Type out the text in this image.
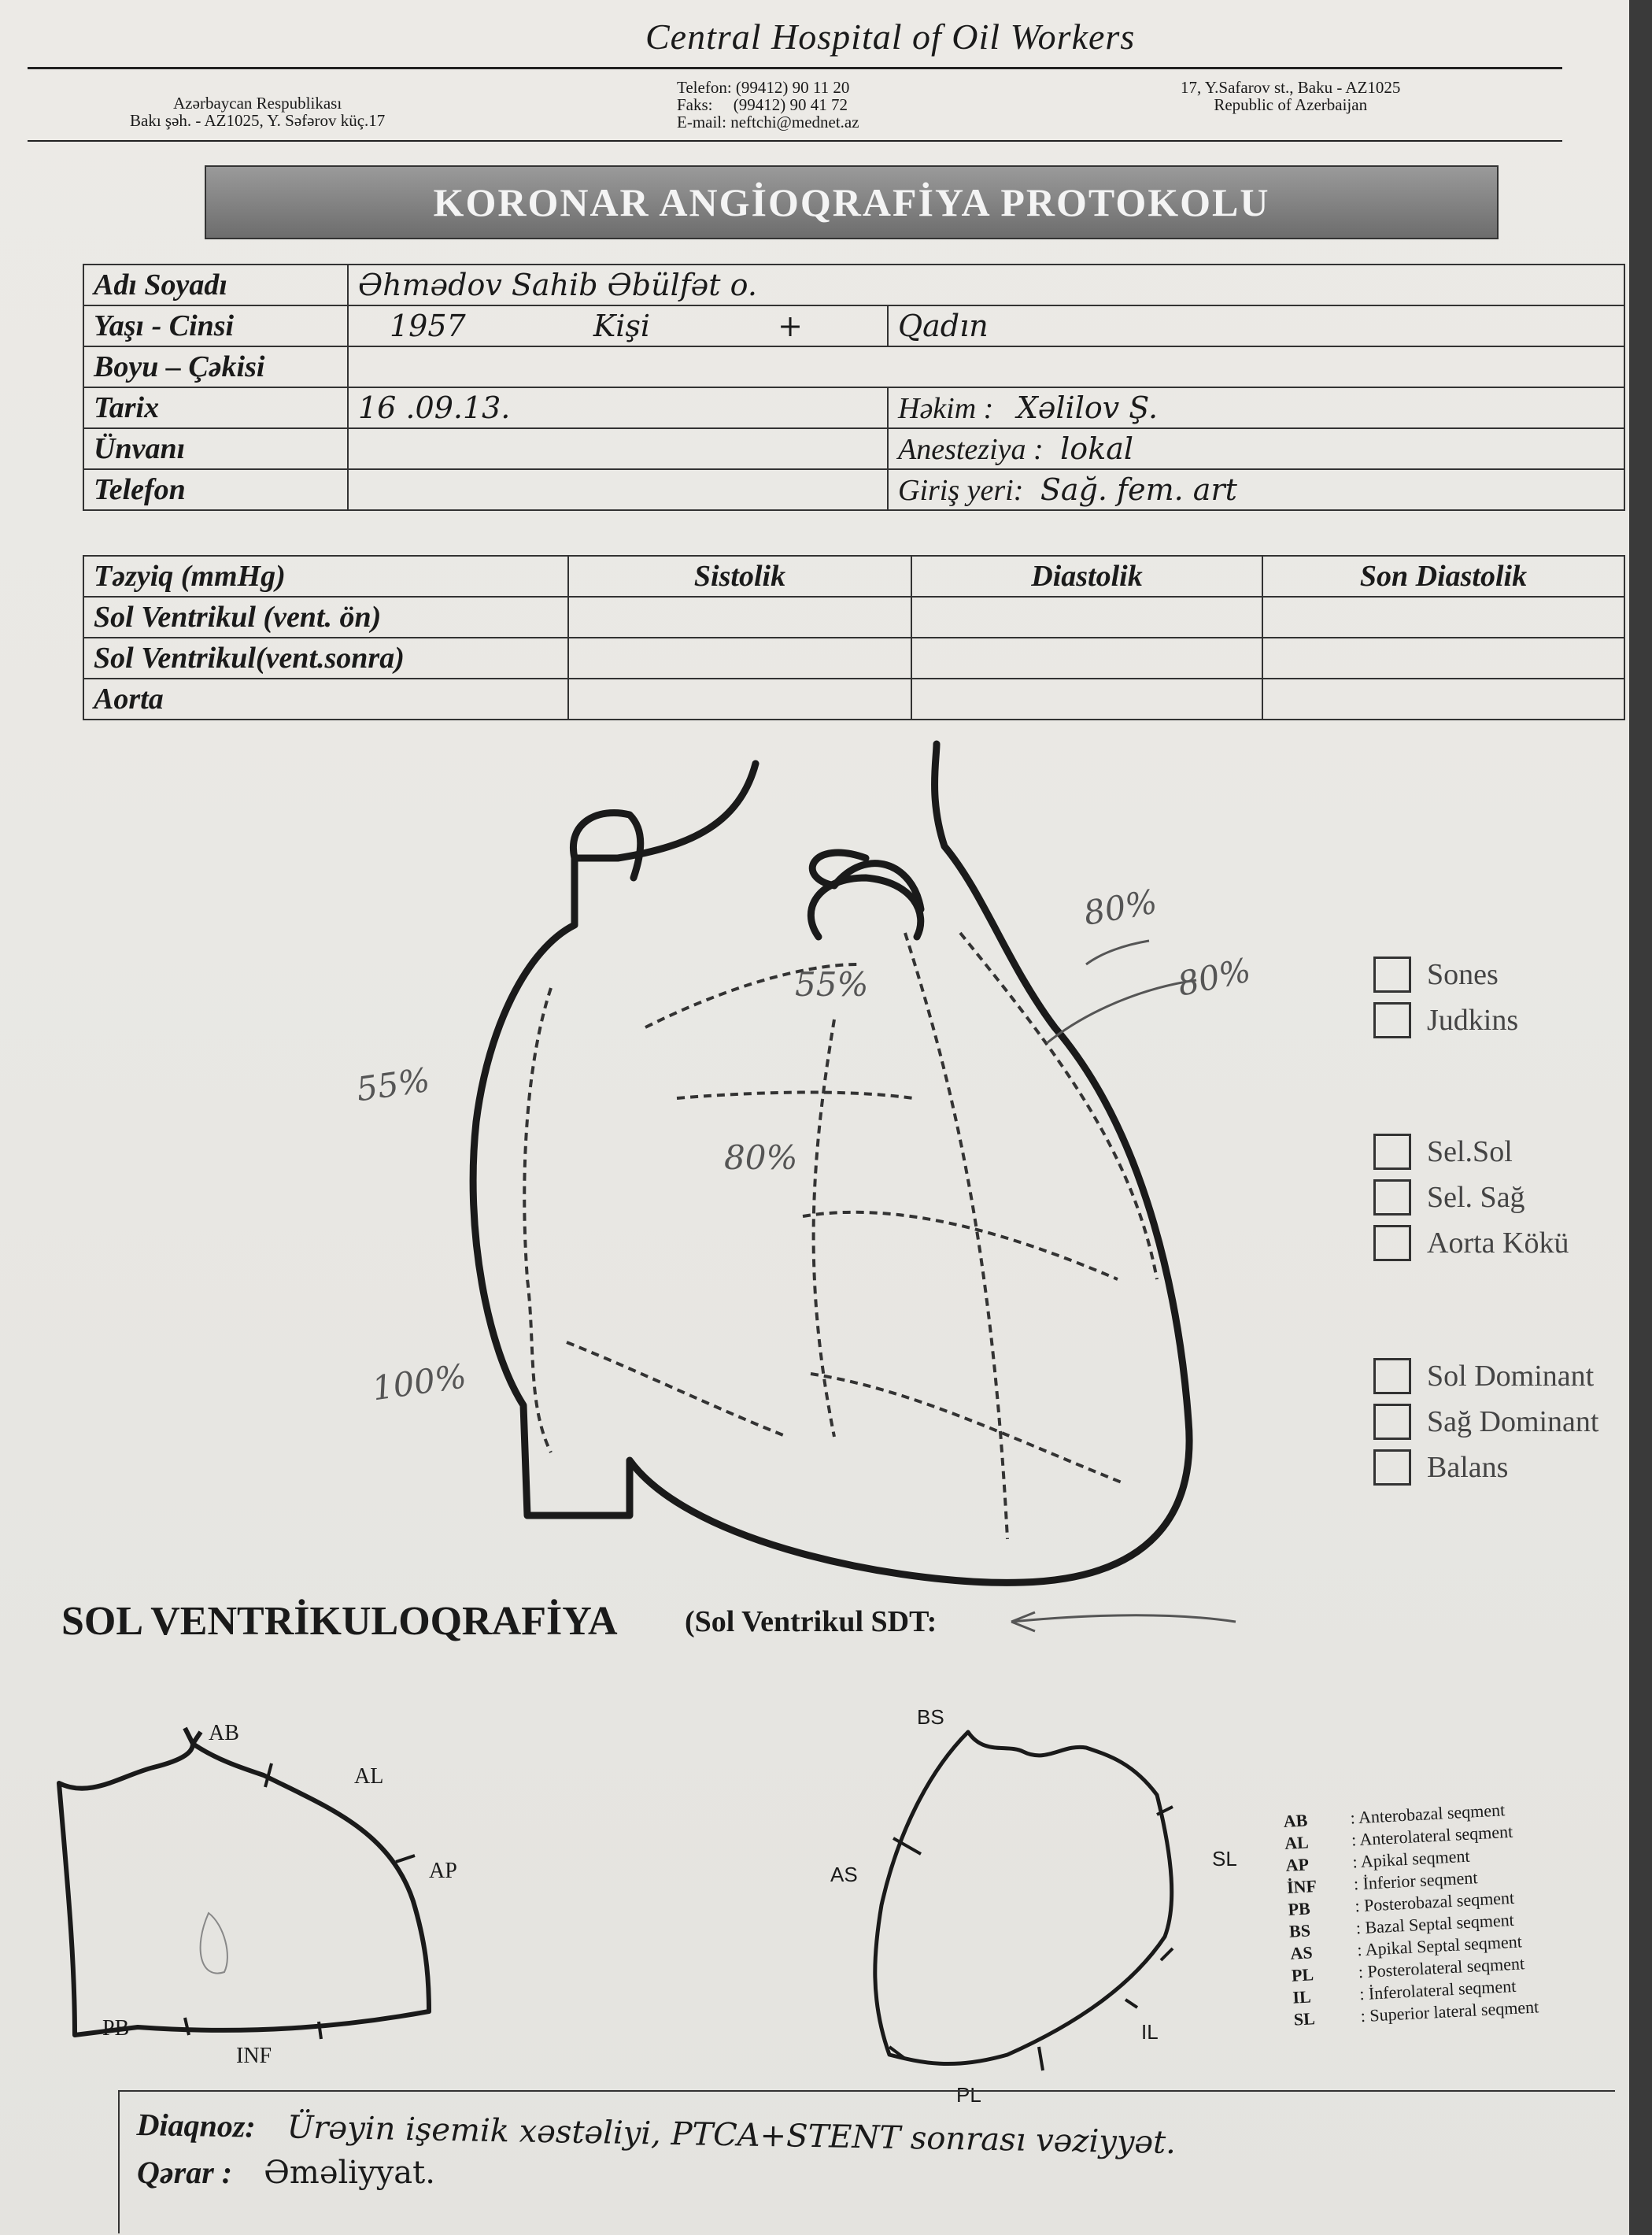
Central Hospital of Oil Workers
Azərbaycan Respublikası
Bakı şəh. - AZ1025, Y. Səfərov küç.17
Telefon: (99412) 90 11 20
Faks:     (99412) 90 41 72
E-mail: neftchi@mednet.az
17, Y.Safarov st., Baku - AZ1025
Republic of Azerbaijan
KORONAR ANGİOQRAFİYA PROTOKOLU
Adı Soyadı	Əhmədov Sahib Əbülfət o.	
Yaşı - Cinsi	1957 Kişi +	Qadın
Boyu – Çəkisi		
Tarix	16 .09.13.	Həkim : Xəlilov Ş.
Ünvanı		Anesteziya : lokal
Telefon		Giriş yeri: Sağ. fem. art
Təzyiq (mmHg)	Sistolik	Diastolik	Son Diastolik
Sol Ventrikul (vent. ön)			
Sol Ventrikul(vent.sonra)			
Aorta			
55%
55%
80%
80%
100%
80%	Sones
Judkins
Sel.Sol
Sel. Sağ
Aorta Kökü
Sol Dominant
Sağ Dominant
Balans
SOL VENTRİKULOQRAFİYA (Sol Ventrikul SDT:
AB
AL
AP
PB
INF
BS
AS
SL
PL
IL
AB : Anterobazal seqment
AL : Anterolateral seqment
AP : Apikal seqment
İNF : İnferior seqment
PB	: Posterobazal seqment
BS	: Bazal Septal seqment
AS	: Apikal Septal seqment
PL	: Posterolateral seqment
IL	: İnferolateral seqment
SL	: Superior lateral seqment
Diaqnoz: Ürəyin işemik xəstəliyi, PTCA+STENT sonrası vəziyyət.
Qərar : Əməliyyat.
